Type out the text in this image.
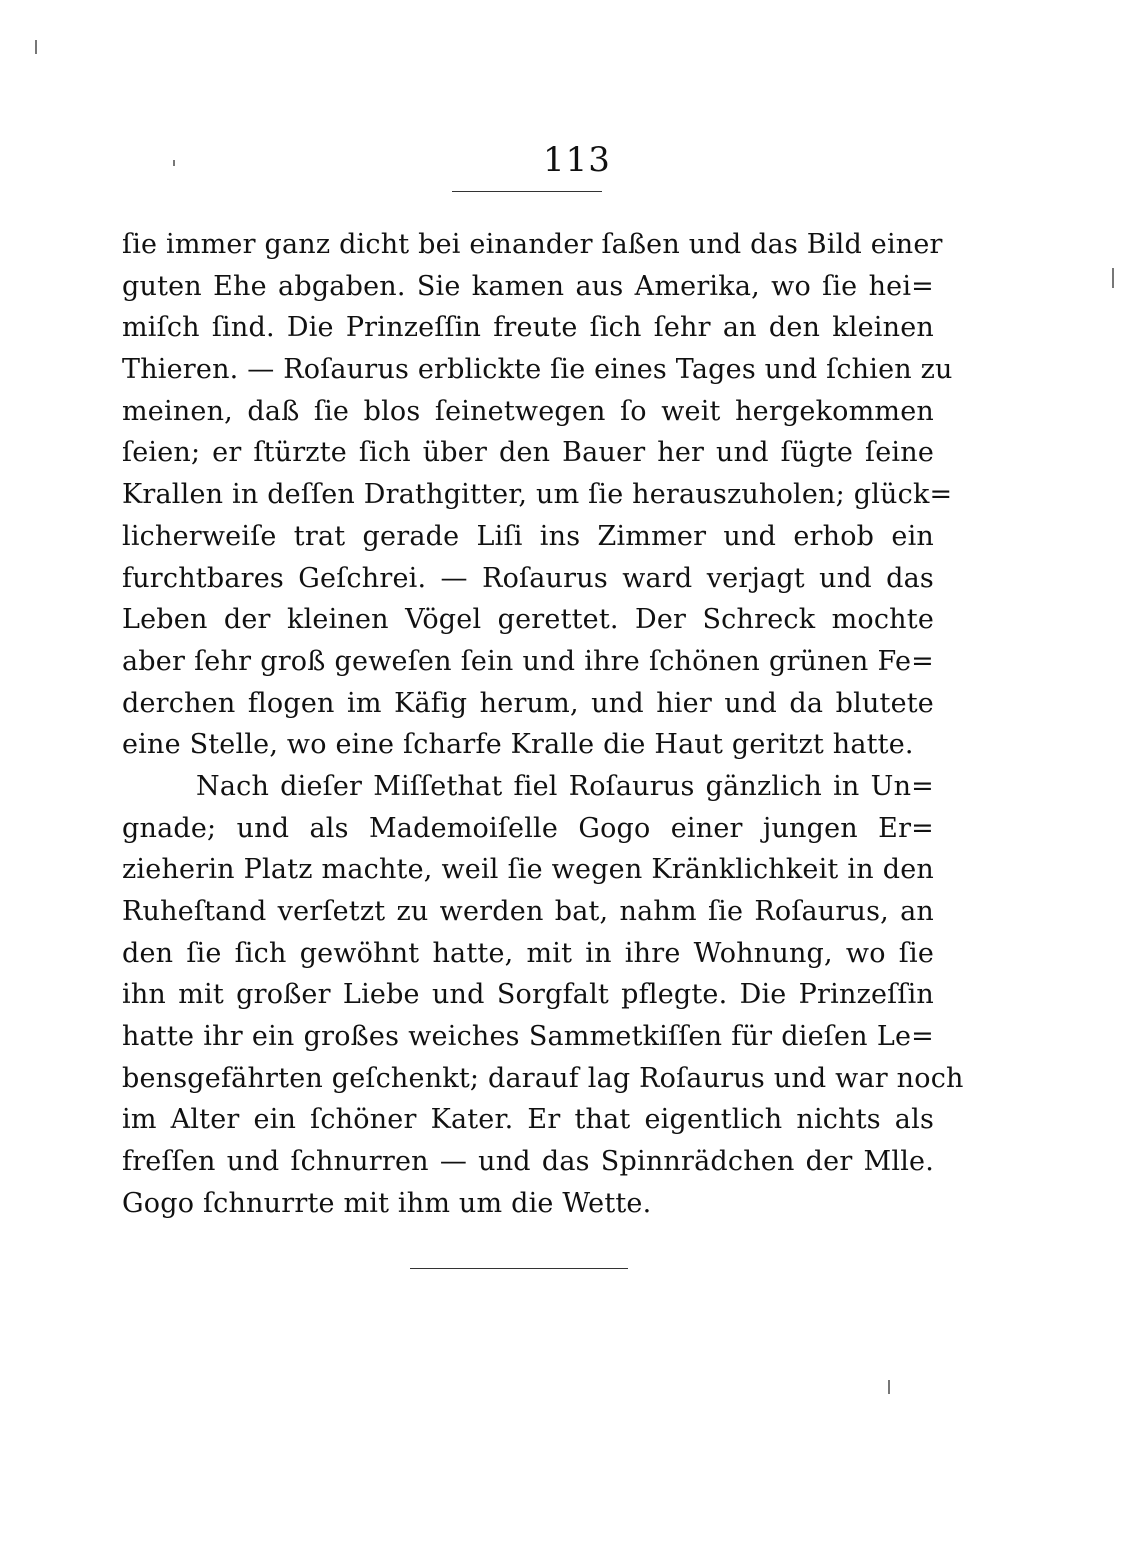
113
ſie immer ganz dicht bei einander ſaßen und das Bild einer
guten Ehe abgaben. Sie kamen aus Amerika, wo ſie hei=
miſch ſind. Die Prinzeſſin freute ſich ſehr an den kleinen
Thieren. — Roſaurus erblickte ſie eines Tages und ſchien zu
meinen, daß ſie blos ſeinetwegen ſo weit hergekommen
ſeien; er ſtürzte ſich über den Bauer her und ſügte ſeine
Krallen in deſſen Drathgitter, um ſie herauszuholen; glück=
licherweiſe trat gerade Liſi ins Zimmer und erhob ein
furchtbares Geſchrei. — Roſaurus ward verjagt und das
Leben der kleinen Vögel gerettet. Der Schreck mochte
aber ſehr groß geweſen ſein und ihre ſchönen grünen Fe=
derchen flogen im Käfig herum, und hier und da blutete
eine Stelle, wo eine ſcharfe Kralle die Haut geritzt hatte.
Nach dieſer Miſſethat fiel Roſaurus gänzlich in Un=
gnade; und als Mademoiſelle Gogo einer jungen Er=
zieherin Platz machte, weil ſie wegen Kränklichkeit in den
Ruheſtand verſetzt zu werden bat, nahm ſie Roſaurus, an
den ſie ſich gewöhnt hatte, mit in ihre Wohnung, wo ſie
ihn mit großer Liebe und Sorgfalt pflegte. Die Prinzeſſin
hatte ihr ein großes weiches Sammetkiſſen für dieſen Le=
bensgefährten geſchenkt; darauf lag Roſaurus und war noch
im Alter ein ſchöner Kater. Er that eigentlich nichts als
freſſen und ſchnurren — und das Spinnrädchen der Mlle.
Gogo ſchnurrte mit ihm um die Wette.
